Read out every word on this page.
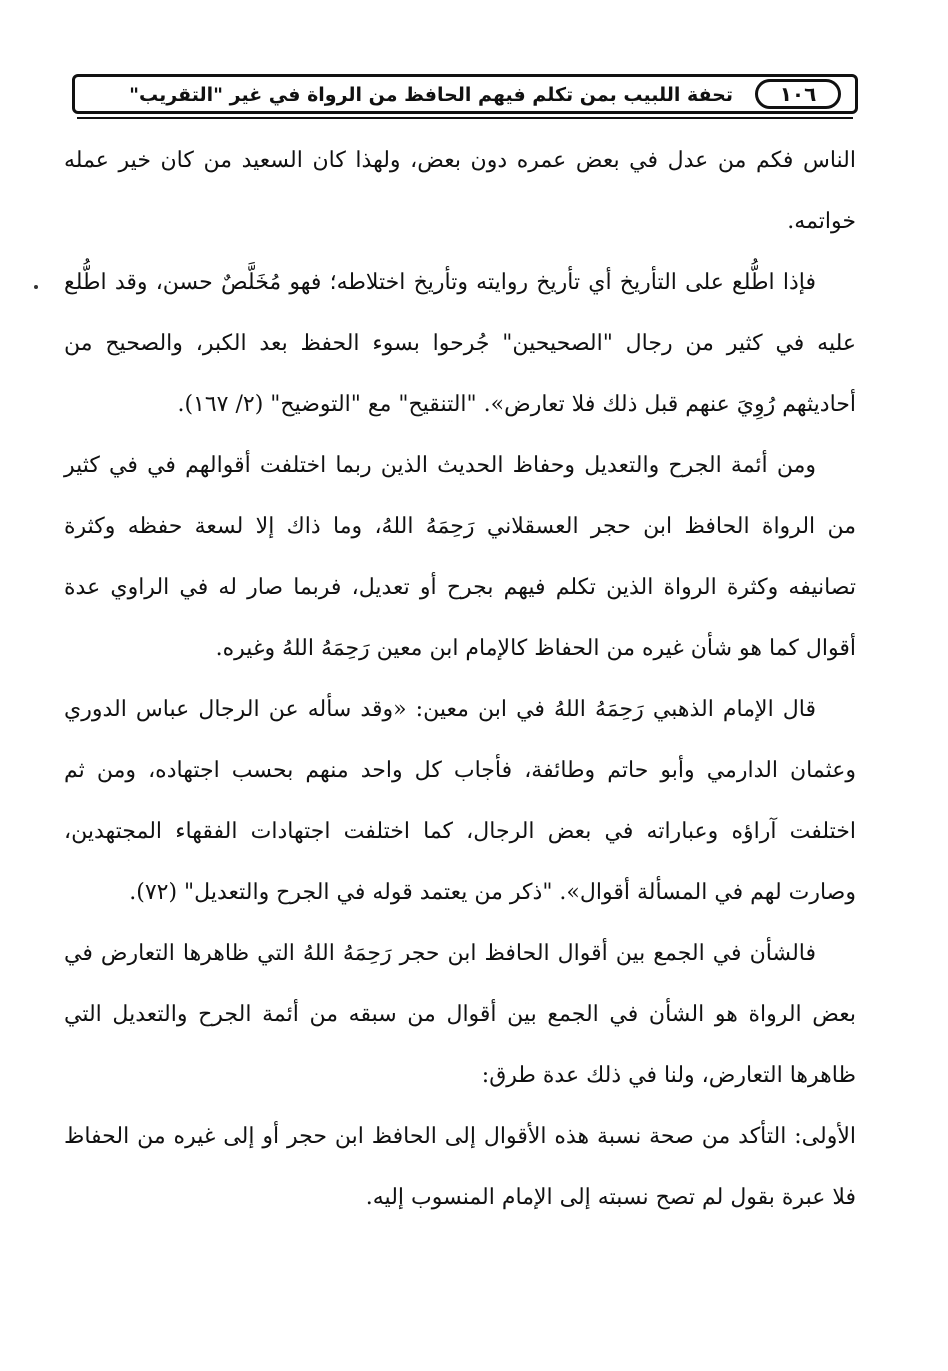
١٠٦
تحفة اللبيب بمن تكلم فيهم الحافظ من الرواة في غير "التقريب"

الناس فكم من عدل في بعض عمره دون بعض، ولهذا كان السعيد من كان خير عمله خواتمه.

فإذا اطُّلع على التأريخ أي تأريخ روايته وتأريخ اختلاطه؛ فهو مُخَلَّصٌ حسن، وقد اطُّلع عليه في كثير من رجال "الصحيحين" جُرحوا بسوء الحفظ بعد الكبر، والصحيح من أحاديثهم رُوِيَ عنهم قبل ذلك فلا تعارض». "التنقيح" مع "التوضيح" (٢/ ١٦٧).

ومن أئمة الجرح والتعديل وحفاظ الحديث الذين ربما اختلفت أقوالهم في في كثير من الرواة الحافظ ابن حجر العسقلاني رَحِمَهُ اللهُ، وما ذاك إلا لسعة حفظه وكثرة تصانيفه وكثرة الرواة الذين تكلم فيهم بجرح أو تعديل، فربما صار له في الراوي عدة أقوال كما هو شأن غيره من الحفاظ كالإمام ابن معين رَحِمَهُ اللهُ وغيره.

قال الإمام الذهبي رَحِمَهُ اللهُ في ابن معين: «وقد سأله عن الرجال عباس الدوري وعثمان الدارمي وأبو حاتم وطائفة، فأجاب كل واحد منهم بحسب اجتهاده، ومن ثم اختلفت آراؤه وعباراته في بعض الرجال، كما اختلفت اجتهادات الفقهاء المجتهدين، وصارت لهم في المسألة أقوال». "ذكر من يعتمد قوله في الجرح والتعديل" (٧٢).

فالشأن في الجمع بين أقوال الحافظ ابن حجر رَحِمَهُ اللهُ التي ظاهرها التعارض في بعض الرواة هو الشأن في الجمع بين أقوال من سبقه من أئمة الجرح والتعديل التي ظاهرها التعارض، ولنا في ذلك عدة طرق:

الأولى: التأكد من صحة نسبة هذه الأقوال إلى الحافظ ابن حجر أو إلى غيره من الحفاظ فلا عبرة بقول لم تصح نسبته إلى الإمام المنسوب إليه.
